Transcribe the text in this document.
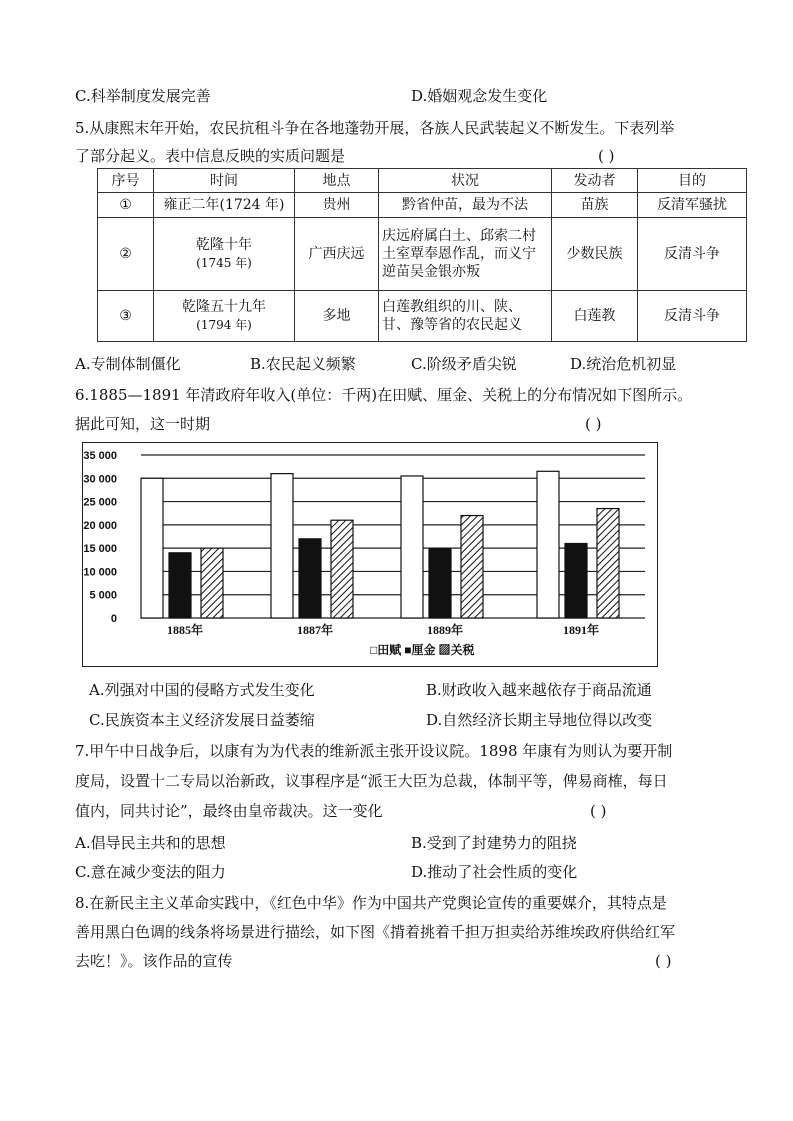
C.科举制度发展完善	D.婚姻观念发生变化
5.从康熙末年开始，农民抗租斗争在各地蓬勃开展，各族人民武装起义不断发生。下表列举
了部分起义。表中信息反映的实质问题是	( )
序号	时间	地点	状况	发动者	目的
①	雍正二年(1724 年)	贵州	黔省仲苗，最为不法	苗族	反清军骚扰
②	乾隆十年
(1745 年)	广西庆远	庆远府属白土、邱索二村土室覃奉恩作乱，而义宁逆苗吴金银亦叛	少数民族	反清斗争
③	乾隆五十九年
(1794 年)	多地	白莲教组织的川、陕、甘、豫等省的农民起义	白莲教	反清斗争
A.专制体制僵化	B.农民起义频繁	C.阶级矛盾尖锐	D.统治危机初显
6.1885—1891 年清政府年收入(单位：千两)在田赋、厘金、关税上的分布情况如下图所示。
据此可知，这一时期	( )
0
5 000
10 000
15 000
20 000
25 000
30 000
35 000
1885年	1887年	1889年	1891年
□田赋 ■厘金 ▨关税
A.列强对中国的侵略方式发生变化	B.财政收入越来越依存于商品流通
C.民族资本主义经济发展日益萎缩	D.自然经济长期主导地位得以改变
7.甲午中日战争后，以康有为为代表的维新派主张开设议院。1898 年康有为则认为要开制
度局，设置十二专局以治新政，议事程序是“派王大臣为总裁，体制平等，俾易商榷，每日
值内，同共讨论”，最终由皇帝裁决。这一变化	( )
A.倡导民主共和的思想	B.受到了封建势力的阻挠
C.意在减少变法的阻力	D.推动了社会性质的变化
8.在新民主主义革命实践中，《红色中华》作为中国共产党舆论宣传的重要媒介，其特点是
善用黑白色调的线条将场景进行描绘，如下图《揹着挑着千担万担卖给苏维埃政府供给红军
去吃！》。该作品的宣传	( )
